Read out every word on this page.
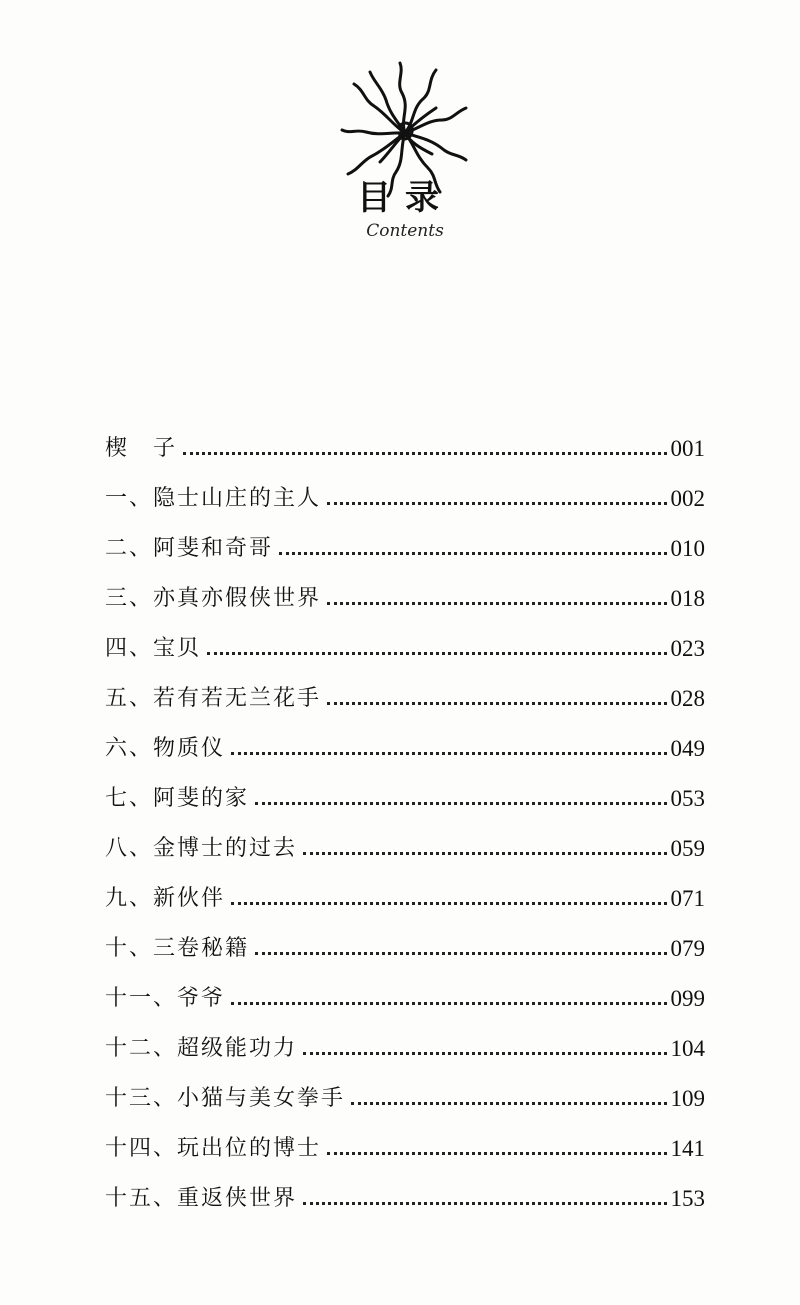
目录
Contents
楔　子	001
一、隐士山庄的主人	002
二、阿斐和奇哥	010
三、亦真亦假侠世界	018
四、宝贝	023
五、若有若无兰花手	028
六、物质仪	049
七、阿斐的家	053
八、金博士的过去	059
九、新伙伴	071
十、三卷秘籍	079
十一、爷爷	099
十二、超级能功力	104
十三、小猫与美女拳手	109
十四、玩出位的博士	141
十五、重返侠世界	153
